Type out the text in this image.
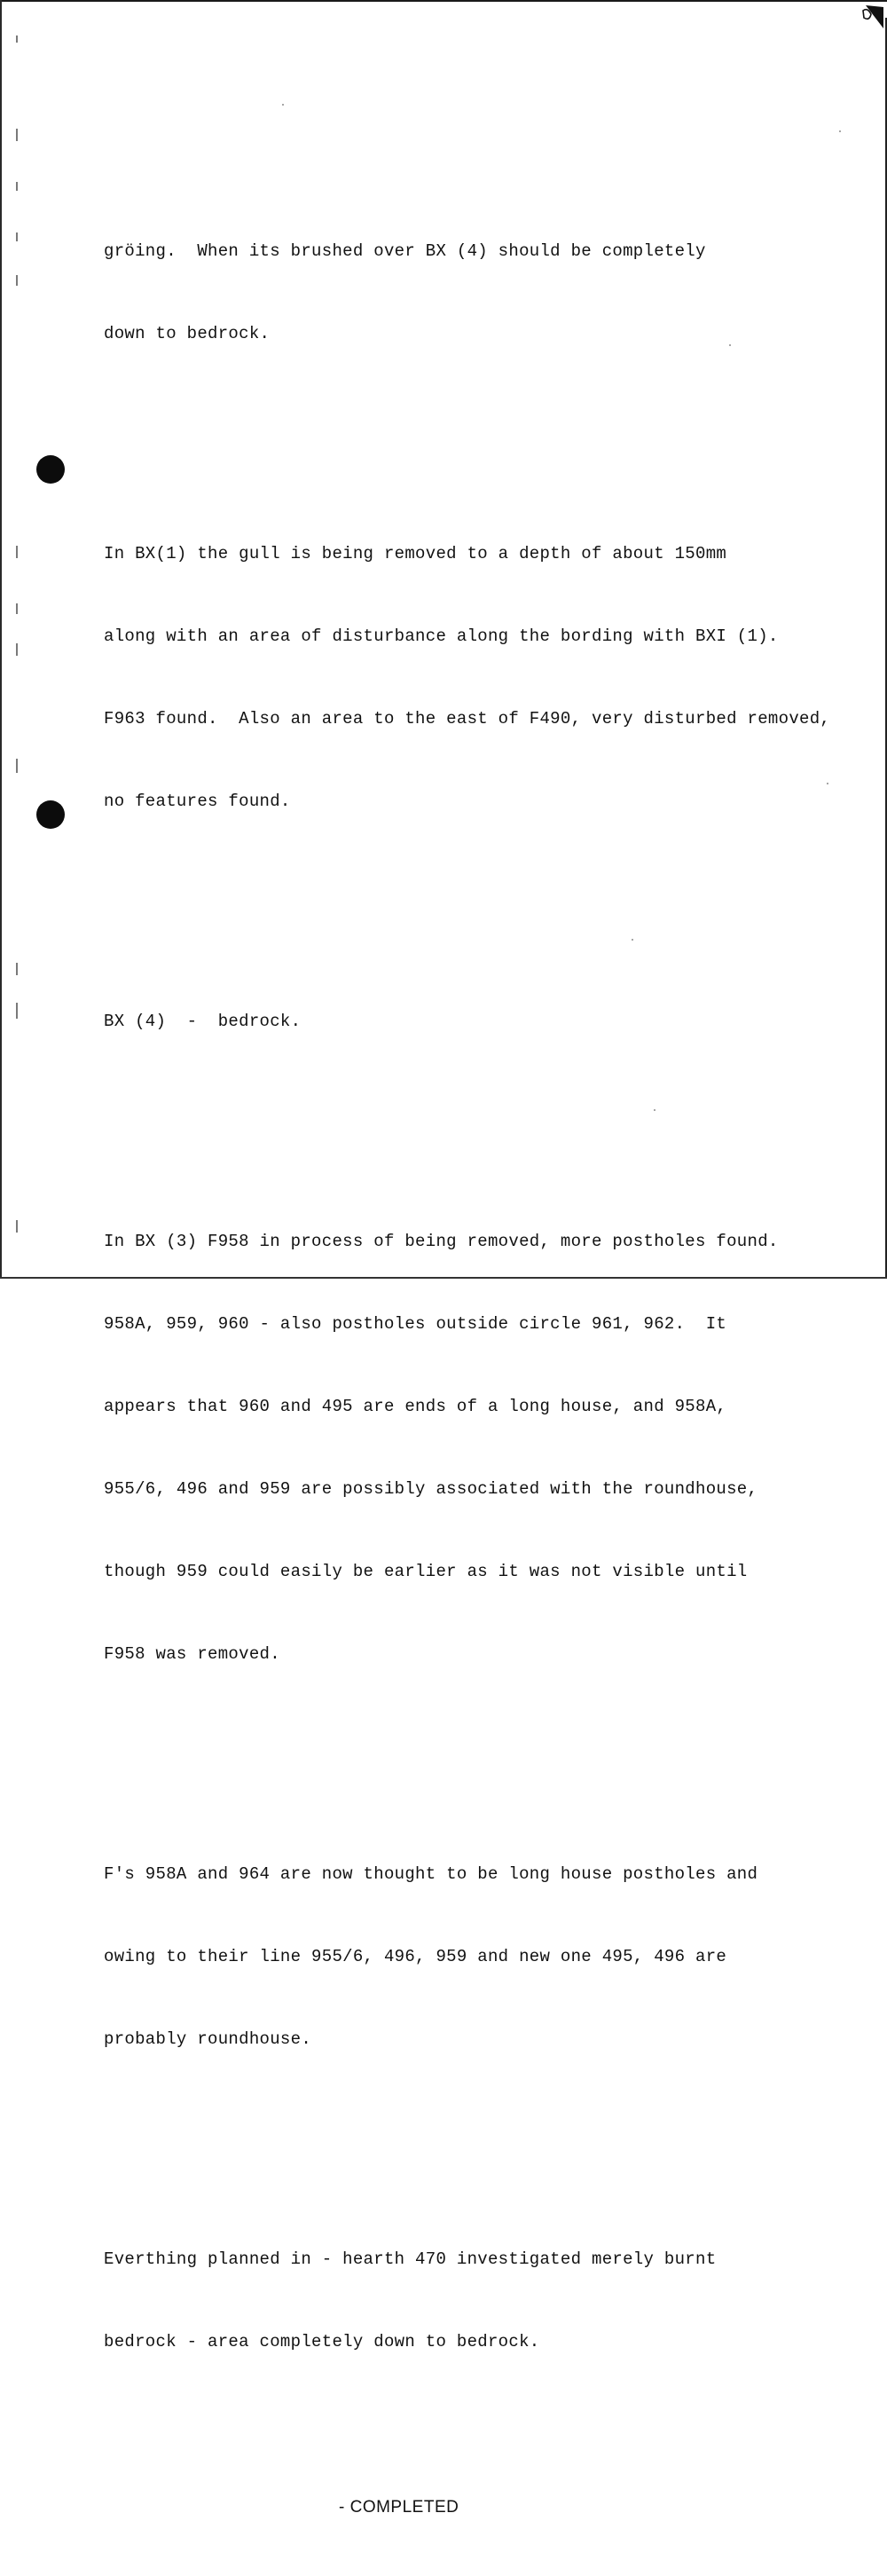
gröing.  When its brushed over BX (4) should be completely

down to bedrock.

In BX(1) the gull is being removed to a depth of about 150mm

along with an area of disturbance along the bording with BXI (1).

F963 found.  Also an area to the east of F490, very disturbed removed,

no features found.

BX (4)  -  bedrock.

In BX (3) F958 in process of being removed, more postholes found.

958A, 959, 960 - also postholes outside circle 961, 962.  It

appears that 960 and 495 are ends of a long house, and 958A,

955/6, 496 and 959 are possibly associated with the roundhouse,

though 959 could easily be earlier as it was not visible until

F958 was removed.

F's 958A and 964 are now thought to be long house postholes and

owing to their line 955/6, 496, 959 and new one 495, 496 are

probably roundhouse.

Everthing planned in - hearth 470 investigated merely burnt

bedrock - area completely down to bedrock.

- COMPLETED
